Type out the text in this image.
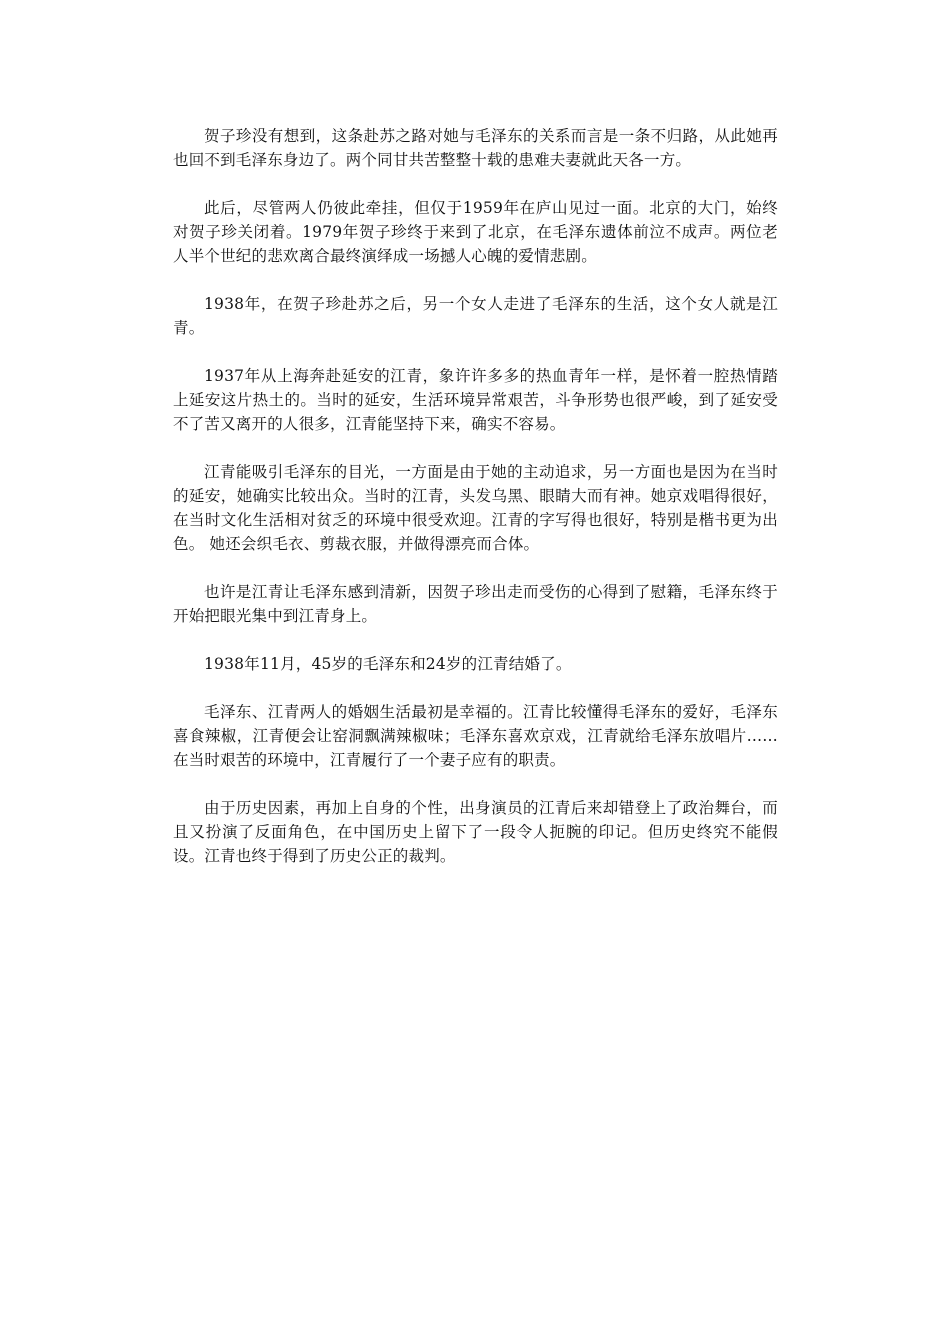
贺子珍没有想到，这条赴苏之路对她与毛泽东的关系而言是一条不归路，从此她再也回不到毛泽东身边了。两个同甘共苦整整十载的患难夫妻就此天各一方。

此后，尽管两人仍彼此牵挂，但仅于1959年在庐山见过一面。北京的大门，始终对贺子珍关闭着。1979年贺子珍终于来到了北京，在毛泽东遗体前泣不成声。两位老人半个世纪的悲欢离合最终演绎成一场撼人心魄的爱情悲剧。

1938年，在贺子珍赴苏之后，另一个女人走进了毛泽东的生活，这个女人就是江青。

1937年从上海奔赴延安的江青，象许许多多的热血青年一样，是怀着一腔热情踏上延安这片热土的。当时的延安，生活环境异常艰苦，斗争形势也很严峻，到了延安受不了苦又离开的人很多，江青能坚持下来，确实不容易。

江青能吸引毛泽东的目光，一方面是由于她的主动追求，另一方面也是因为在当时的延安，她确实比较出众。当时的江青，头发乌黑、眼睛大而有神。她京戏唱得很好，在当时文化生活相对贫乏的环境中很受欢迎。江青的字写得也很好，特别是楷书更为出色。 她还会织毛衣、剪裁衣服，并做得漂亮而合体。

也许是江青让毛泽东感到清新，因贺子珍出走而受伤的心得到了慰籍，毛泽东终于开始把眼光集中到江青身上。

1938年11月，45岁的毛泽东和24岁的江青结婚了。

毛泽东、江青两人的婚姻生活最初是幸福的。江青比较懂得毛泽东的爱好，毛泽东喜食辣椒，江青便会让窑洞飘满辣椒味；毛泽东喜欢京戏，江青就给毛泽东放唱片……在当时艰苦的环境中，江青履行了一个妻子应有的职责。

由于历史因素，再加上自身的个性，出身演员的江青后来却错登上了政治舞台，而且又扮演了反面角色，在中国历史上留下了一段令人扼腕的印记。但历史终究不能假设。江青也终于得到了历史公正的裁判。
